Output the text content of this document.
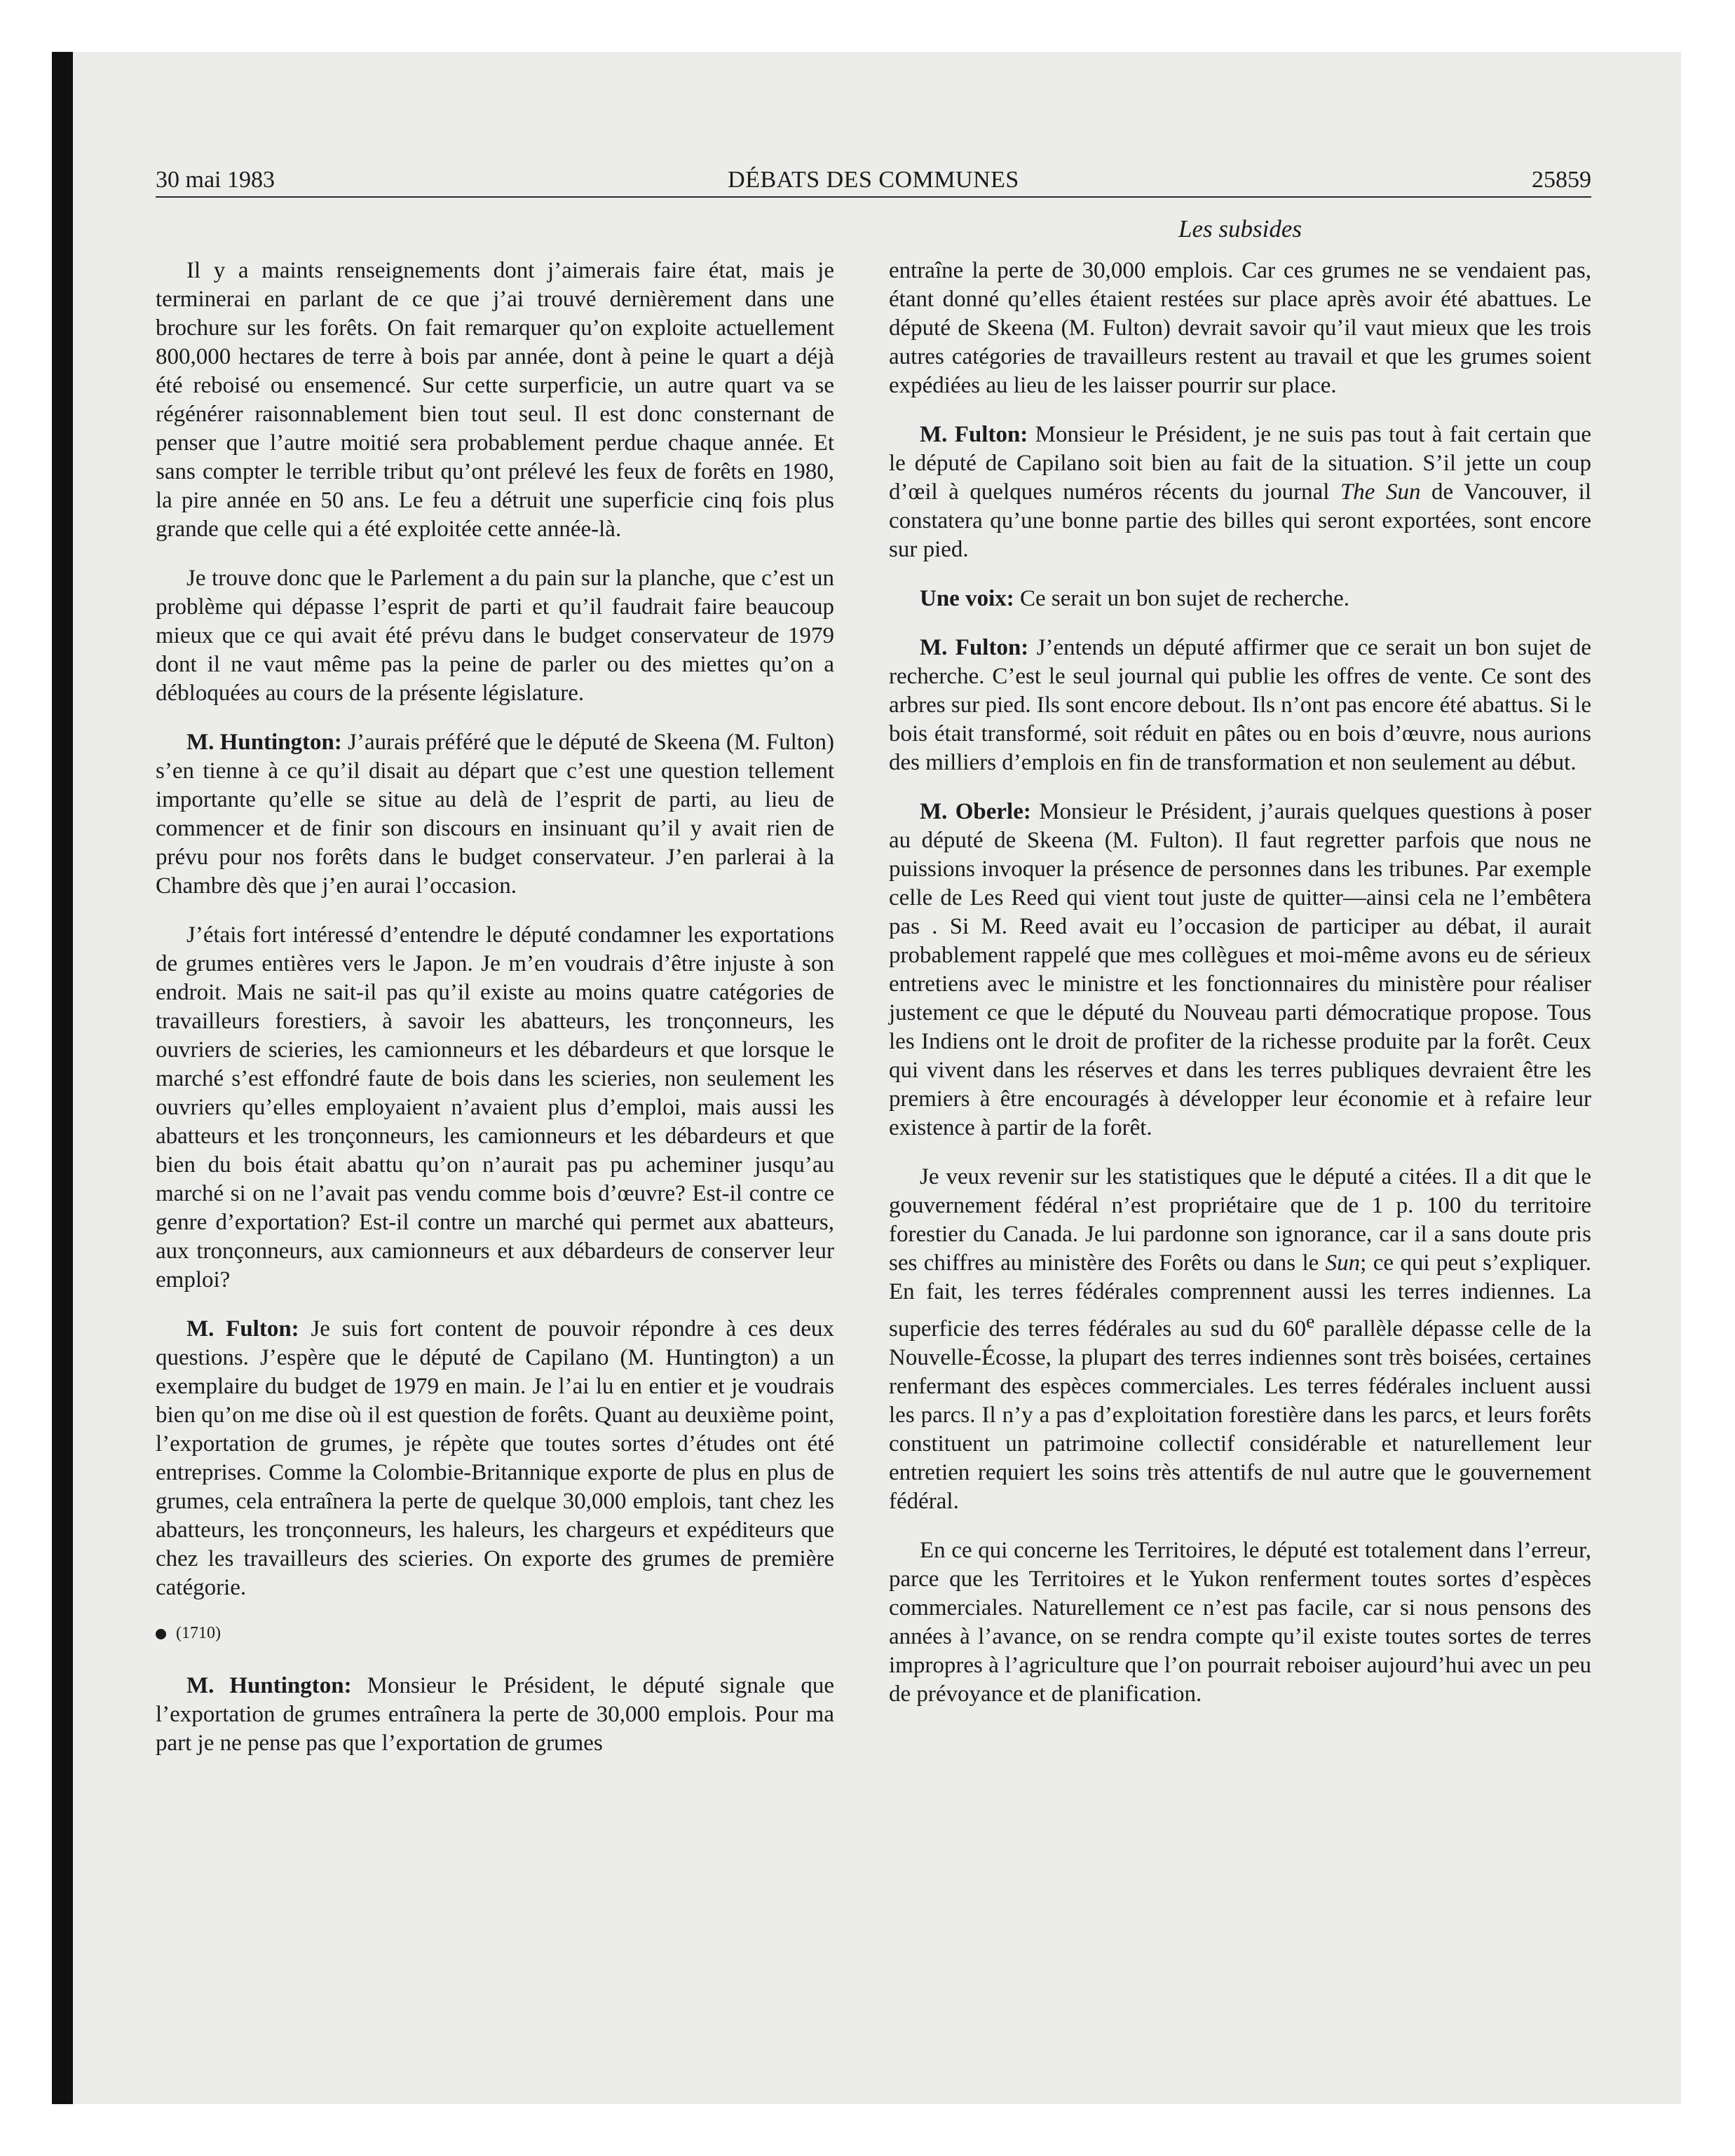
30 mai 1983	DÉBATS DES COMMUNES	25859
Les subsides

Il y a maints renseignements dont j’aimerais faire état, mais je terminerai en parlant de ce que j’ai trouvé dernièrement dans une brochure sur les forêts. On fait remarquer qu’on exploite actuellement 800,000 hectares de terre à bois par année, dont à peine le quart a déjà été reboisé ou ensemencé. Sur cette surperficie, un autre quart va se régénérer raisonnablement bien tout seul. Il est donc consternant de penser que l’autre moitié sera probablement perdue chaque année. Et sans compter le terrible tribut qu’ont prélevé les feux de forêts en 1980, la pire année en 50 ans. Le feu a détruit une superficie cinq fois plus grande que celle qui a été exploitée cette année-là.

Je trouve donc que le Parlement a du pain sur la planche, que c’est un problème qui dépasse l’esprit de parti et qu’il faudrait faire beaucoup mieux que ce qui avait été prévu dans le budget conservateur de 1979 dont il ne vaut même pas la peine de parler ou des miettes qu’on a débloquées au cours de la présente législature.

M. Huntington: J’aurais préféré que le député de Skeena (M. Fulton) s’en tienne à ce qu’il disait au départ que c’est une question tellement importante qu’elle se situe au delà de l’esprit de parti, au lieu de commencer et de finir son discours en insinuant qu’il y avait rien de prévu pour nos forêts dans le budget conservateur. J’en parlerai à la Chambre dès que j’en aurai l’occasion.

J’étais fort intéressé d’entendre le député condamner les exportations de grumes entières vers le Japon. Je m’en voudrais d’être injuste à son endroit. Mais ne sait-il pas qu’il existe au moins quatre catégories de travailleurs forestiers, à savoir les abatteurs, les tronçonneurs, les ouvriers de scieries, les camionneurs et les débardeurs et que lorsque le marché s’est effondré faute de bois dans les scieries, non seulement les ouvriers qu’elles employaient n’avaient plus d’emploi, mais aussi les abatteurs et les tronçonneurs, les camionneurs et les débardeurs et que bien du bois était abattu qu’on n’aurait pas pu acheminer jusqu’au marché si on ne l’avait pas vendu comme bois d’œuvre? Est-il contre ce genre d’exportation? Est-il contre un marché qui permet aux abatteurs, aux tronçonneurs, aux camionneurs et aux débardeurs de conserver leur emploi?

M. Fulton: Je suis fort content de pouvoir répondre à ces deux questions. J’espère que le député de Capilano (M. Huntington) a un exemplaire du budget de 1979 en main. Je l’ai lu en entier et je voudrais bien qu’on me dise où il est question de forêts. Quant au deuxième point, l’exportation de grumes, je répète que toutes sortes d’études ont été entreprises. Comme la Colombie-Britannique exporte de plus en plus de grumes, cela entraînera la perte de quelque 30,000 emplois, tant chez les abatteurs, les tronçonneurs, les haleurs, les chargeurs et expéditeurs que chez les travailleurs des scieries. On exporte des grumes de première catégorie.

(1710)

M. Huntington: Monsieur le Président, le député signale que l’exportation de grumes entraînera la perte de 30,000 emplois. Pour ma part je ne pense pas que l’exportation de grumes

entraîne la perte de 30,000 emplois. Car ces grumes ne se vendaient pas, étant donné qu’elles étaient restées sur place après avoir été abattues. Le député de Skeena (M. Fulton) devrait savoir qu’il vaut mieux que les trois autres catégories de travailleurs restent au travail et que les grumes soient expédiées au lieu de les laisser pourrir sur place.

M. Fulton: Monsieur le Président, je ne suis pas tout à fait certain que le député de Capilano soit bien au fait de la situation. S’il jette un coup d’œil à quelques numéros récents du journal The Sun de Vancouver, il constatera qu’une bonne partie des billes qui seront exportées, sont encore sur pied.

Une voix: Ce serait un bon sujet de recherche.

M. Fulton: J’entends un député affirmer que ce serait un bon sujet de recherche. C’est le seul journal qui publie les offres de vente. Ce sont des arbres sur pied. Ils sont encore debout. Ils n’ont pas encore été abattus. Si le bois était transformé, soit réduit en pâtes ou en bois d’œuvre, nous aurions des milliers d’emplois en fin de transformation et non seulement au début.

M. Oberle: Monsieur le Président, j’aurais quelques questions à poser au député de Skeena (M. Fulton). Il faut regretter parfois que nous ne puissions invoquer la présence de personnes dans les tribunes. Par exemple celle de Les Reed qui vient tout juste de quitter—ainsi cela ne l’embêtera pas . Si M. Reed avait eu l’occasion de participer au débat, il aurait probablement rappelé que mes collègues et moi-même avons eu de sérieux entretiens avec le ministre et les fonctionnaires du ministère pour réaliser justement ce que le député du Nouveau parti démocratique propose. Tous les Indiens ont le droit de profiter de la richesse produite par la forêt. Ceux qui vivent dans les réserves et dans les terres publiques devraient être les premiers à être encouragés à développer leur économie et à refaire leur existence à partir de la forêt.

Je veux revenir sur les statistiques que le député a citées. Il a dit que le gouvernement fédéral n’est propriétaire que de 1 p. 100 du territoire forestier du Canada. Je lui pardonne son ignorance, car il a sans doute pris ses chiffres au ministère des Forêts ou dans le Sun; ce qui peut s’expliquer. En fait, les terres fédérales comprennent aussi les terres indiennes. La superficie des terres fédérales au sud du 60e parallèle dépasse celle de la Nouvelle-Écosse, la plupart des terres indiennes sont très boisées, certaines renfermant des espèces commerciales. Les terres fédérales incluent aussi les parcs. Il n’y a pas d’exploitation forestière dans les parcs, et leurs forêts constituent un patrimoine collectif considérable et naturellement leur entretien requiert les soins très attentifs de nul autre que le gouvernement fédéral.

En ce qui concerne les Territoires, le député est totalement dans l’erreur, parce que les Territoires et le Yukon renferment toutes sortes d’espèces commerciales. Naturellement ce n’est pas facile, car si nous pensons des années à l’avance, on se rendra compte qu’il existe toutes sortes de terres impropres à l’agriculture que l’on pourrait reboiser aujourd’hui avec un peu de prévoyance et de planification.
